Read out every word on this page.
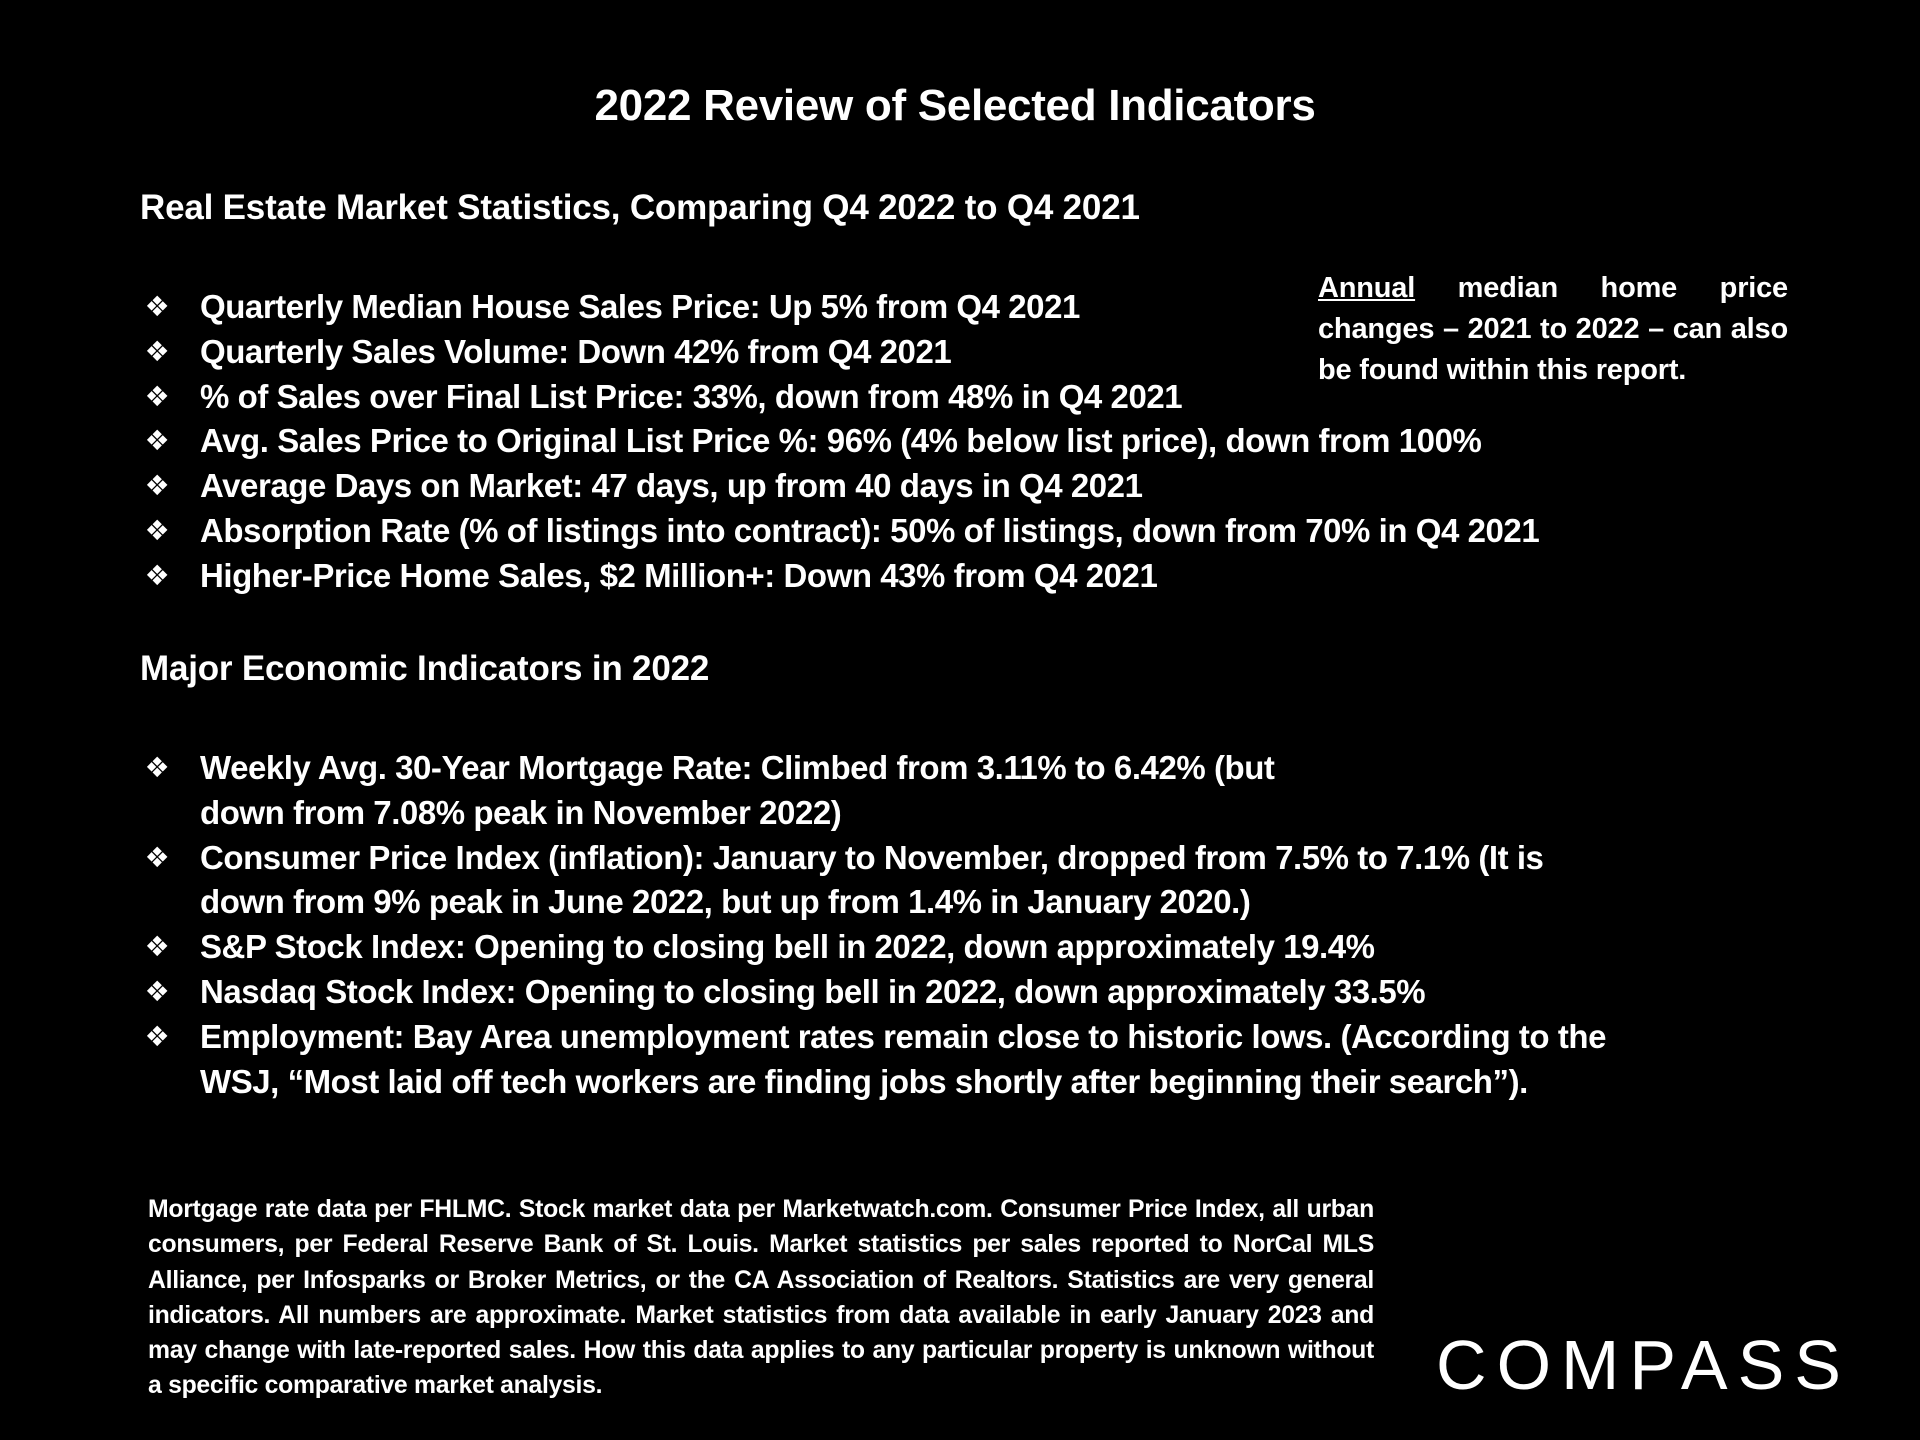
2022 Review of Selected Indicators
Real Estate Market Statistics, Comparing Q4 2022 to Q4 2021
❖ Quarterly Median House Sales Price: Up 5% from Q4 2021
❖ Quarterly Sales Volume: Down 42% from Q4 2021
❖ % of Sales over Final List Price: 33%, down from 48% in Q4 2021
❖ Avg. Sales Price to Original List Price %: 96% (4% below list price), down from 100%
❖ Average Days on Market: 47 days, up from 40 days in Q4 2021
❖ Absorption Rate (% of listings into contract): 50% of listings, down from 70% in Q4 2021
❖ Higher-Price Home Sales, $2 Million+: Down 43% from Q4 2021
Annual median home price changes – 2021 to 2022 – can also be found within this report.
Major Economic Indicators in 2022
❖ Weekly Avg. 30-Year Mortgage Rate: Climbed from 3.11% to 6.42% (but
down from 7.08% peak in November 2022)
❖ Consumer Price Index (inflation): January to November, dropped from 7.5% to 7.1% (It is
down from 9% peak in June 2022, but up from 1.4% in January 2020.)
❖ S&P Stock Index: Opening to closing bell in 2022, down approximately 19.4%
❖ Nasdaq Stock Index: Opening to closing bell in 2022, down approximately 33.5%
❖ Employment: Bay Area unemployment rates remain close to historic lows. (According to the
WSJ, “Most laid off tech workers are finding jobs shortly after beginning their search”).
Mortgage rate data per FHLMC. Stock market data per Marketwatch.com. Consumer Price Index, all urban consumers, per Federal Reserve Bank of St. Louis. Market statistics per sales reported to NorCal MLS Alliance, per Infosparks or Broker Metrics, or the CA Association of Realtors. Statistics are very general indicators. All numbers are approximate. Market statistics from data available in early January 2023 and may change with late-reported sales. How this data applies to any particular property is unknown without a specific comparative market analysis.	COMPASS
